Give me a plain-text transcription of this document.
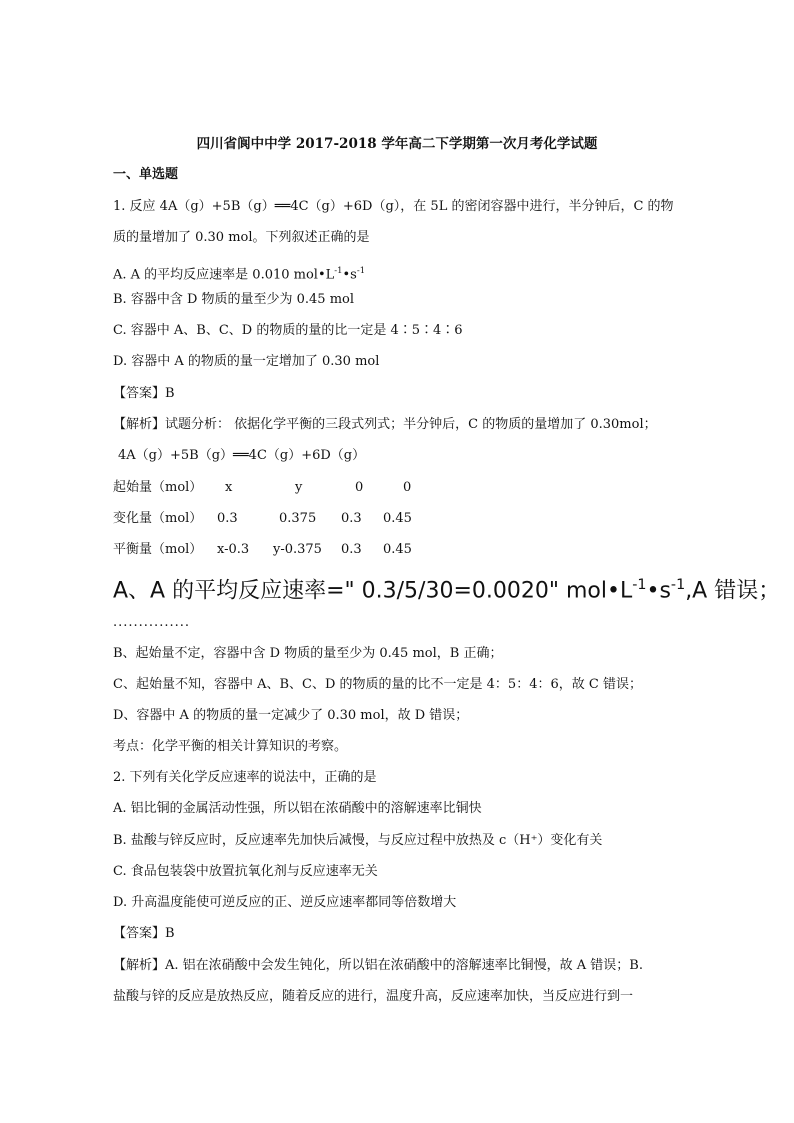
四川省阆中中学 2017-2018 学年高二下学期第一次月考化学试题
一、单选题
1. 反应 4A（g）+5B（g）══4C（g）+6D（g），在 5L 的密闭容器中进行，半分钟后，C 的物
质的量增加了 0.30 mol。下列叙述正确的是
A. A 的平均反应速率是 0.010 $mol•L^{-1}•s^{-1}$
B. 容器中含 D 物质的量至少为 0.45 mol
C. 容器中 A、B、C、D 的物质的量的比一定是 4∶5∶4∶6
D. 容器中 A 的物质的量一定增加了 0.30 mol
【答案】B
【解析】试题分析： 依据化学平衡的三段式列式；半分钟后，C 的物质的量增加了 0.30mol；
4A（g）+5B（g）══4C（g）+6D（g）
起始量（mol） x	y	0	0
变化量（mol） 0.3	0.375 0.3 0.45
平衡量（mol） x-0.3 y-0.375 0.3 0.45
A、A 的平均反应速率=" 0.3/5/30=0.0020" $mol•L^{-1}•s^{-1},A$ 错误；
...............
B、起始量不定，容器中含 D 物质的量至少为 0.45 mol，B 正确；
C、起始量不知，容器中 A、B、C、D 的物质的量的比不一定是 4：5：4：6，故 C 错误；
D、容器中 A 的物质的量一定减少了 0.30 mol，故 D 错误；
考点：化学平衡的相关计算知识的考察。
2. 下列有关化学反应速率的说法中，正确的是
A. 铝比铜的金属活动性强，所以铝在浓硝酸中的溶解速率比铜快
B. 盐酸与锌反应时，反应速率先加快后减慢，与反应过程中放热及 c（H⁺）变化有关
C. 食品包装袋中放置抗氧化剂与反应速率无关
D. 升高温度能使可逆反应的正、逆反应速率都同等倍数增大
【答案】B
【解析】A. 铝在浓硝酸中会发生钝化，所以铝在浓硝酸中的溶解速率比铜慢，故 A 错误；B.
盐酸与锌的反应是放热反应，随着反应的进行，温度升高，反应速率加快，当反应进行到一
